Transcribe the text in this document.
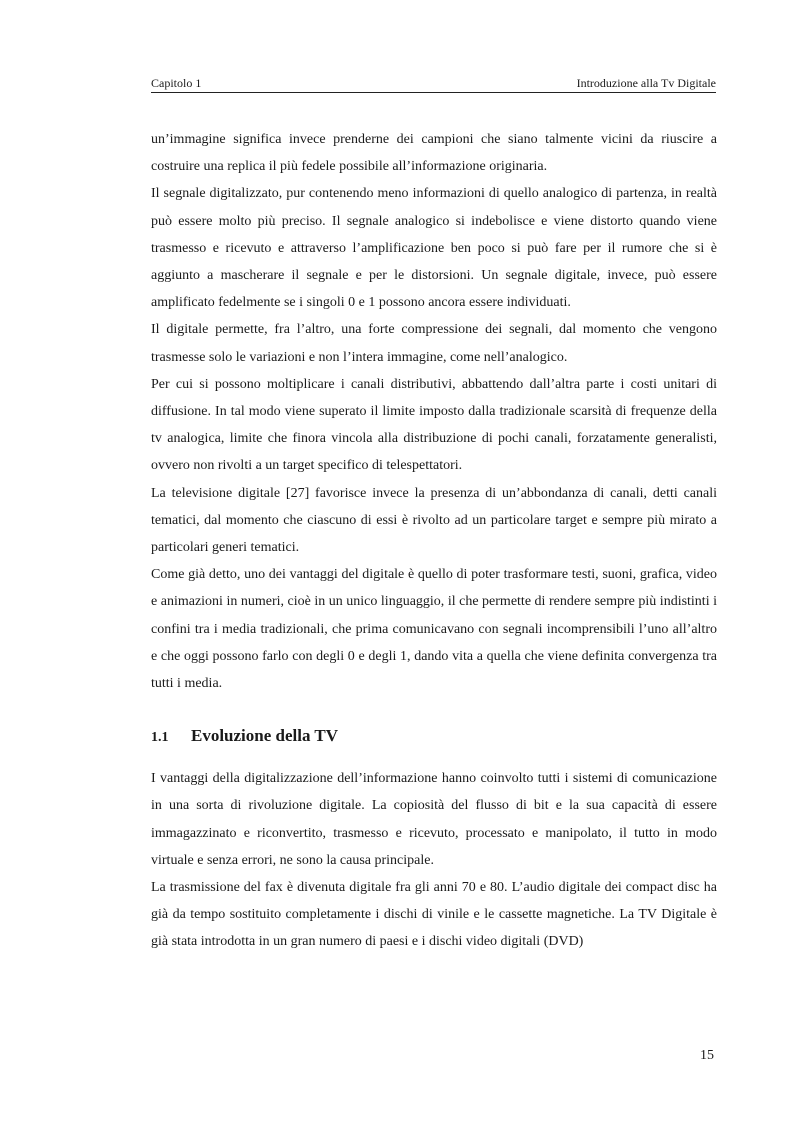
Capitolo 1	Introduzione alla Tv Digitale

un’immagine significa invece prenderne dei campioni che siano talmente vicini da riuscire a costruire una replica il più fedele possibile all’informazione originaria.

Il segnale digitalizzato, pur contenendo meno informazioni di quello analogico di partenza, in realtà può essere molto più preciso. Il segnale analogico si indebolisce e viene distorto quando viene trasmesso e ricevuto e attraverso l’amplificazione ben poco si può fare per il rumore che si è aggiunto a mascherare il segnale e per le distorsioni. Un segnale digitale, invece, può essere amplificato fedelmente se i singoli 0 e 1 possono ancora essere individuati.

Il digitale permette, fra l’altro, una forte compressione dei segnali, dal momento che vengono trasmesse solo le variazioni e non l’intera immagine, come nell’analogico.

Per cui si possono moltiplicare i canali distributivi, abbattendo dall’altra parte i costi unitari di diffusione. In tal modo viene superato il limite imposto dalla tradizionale scarsità di frequenze della tv analogica, limite che finora vincola alla distribuzione di pochi canali, forzatamente generalisti, ovvero non rivolti a un target specifico di telespettatori.

La televisione digitale [27] favorisce invece la presenza di un’abbondanza di canali, detti canali tematici, dal momento che ciascuno di essi è rivolto ad un particolare target e sempre più mirato a particolari generi tematici.

Come già detto, uno dei vantaggi del digitale è quello di poter trasformare testi, suoni, grafica, video e animazioni in numeri, cioè in un unico linguaggio, il che permette di rendere sempre più indistinti i confini tra i media tradizionali, che prima comunicavano con segnali incomprensibili l’uno all’altro e che oggi possono farlo con degli 0 e degli 1, dando vita a quella che viene definita convergenza tra tutti i media.

1.1	Evoluzione della TV

I vantaggi della digitalizzazione dell’informazione hanno coinvolto tutti i sistemi di comunicazione in una sorta di rivoluzione digitale. La copiosità del flusso di bit e la sua capacità di essere immagazzinato e riconvertito, trasmesso e ricevuto, processato e manipolato, il tutto in modo virtuale e senza errori, ne sono la causa principale.

La trasmissione del fax è divenuta digitale fra gli anni 70 e 80. L’audio digitale dei compact disc ha già da tempo sostituito completamente i dischi di vinile e le cassette magnetiche. La TV Digitale è già stata introdotta in un gran numero di paesi e i dischi video digitali (DVD)

15
